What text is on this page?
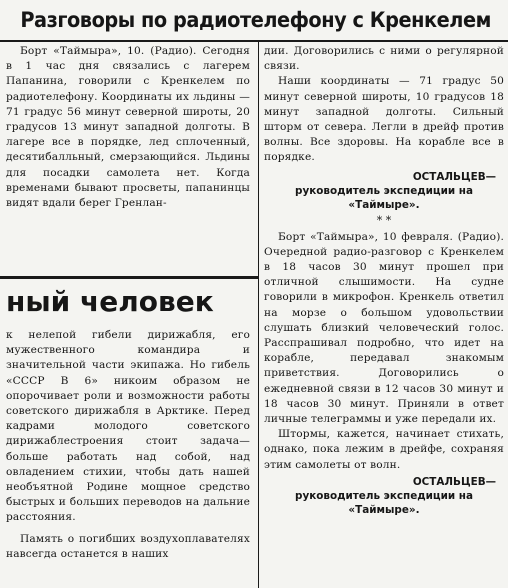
Разговоры по радиотелефону с Кренкелем

Борт «Таймыра», 10. (Радио). Сегодня в 1 час дня связались с лагерем Папанина, говорили с Кренкелем по радиотелефону. Координаты их льдины — 71 градус 56 минут северной широты, 20 градусов 13 минут западной долготы. В лагере все в порядке, лед сплоченный, десятибалльный, смерзающийся. Льдины для посадки самолета нет. Когда временами бывают просветы, папанинцы видят вдали берег Гренлан-

дии. Договорились с ними о регулярной связи.

Наши координаты — 71 градус 50 минут северной широты, 10 градусов 18 минут западной долготы. Сильный шторм от севера. Легли в дрейф против волны. Все здоровы. На корабле все в порядке.

ОСТАЛЬЦЕВ—

руководитель экспедиции на «Таймыре».

* *

Борт «Таймыра», 10 февраля. (Радио). Очередной радио-разговор с Кренкелем в 18 часов 30 минут прошел при отличной слышимости. На судне говорили в микрофон. Кренкель ответил на морзе о большом удовольствии слушать близкий человеческий голос. Расспрашивал подробно, что идет на корабле, передавал знакомым приветствия. Договорились о ежедневной связи в 12 часов 30 минут и 18 часов 30 минут. Приняли в ответ личные телеграммы и уже передали их.

Штормы, кажется, начинает стихать, однако, пока лежим в дрейфе, сохраняя этим самолеты от волн.

ОСТАЛЬЦЕВ—

руководитель экспедиции на «Таймыре».

ный человек

к нелепой гибели дирижабля, его мужественного командира и значительной части экипажа. Но гибель «СССР В 6» никоим образом не опорочивает роли и возможности работы советского дирижабля в Арктике. Перед кадрами молодого советского дирижаблестроения стоит задача—больше работать над собой, над овладением стихии, чтобы дать нашей необъятной Родине мощное средство быстрых и больших переводов на дальние расстояния.

Память о погибших воздухоплавателях навсегда останется в наших
